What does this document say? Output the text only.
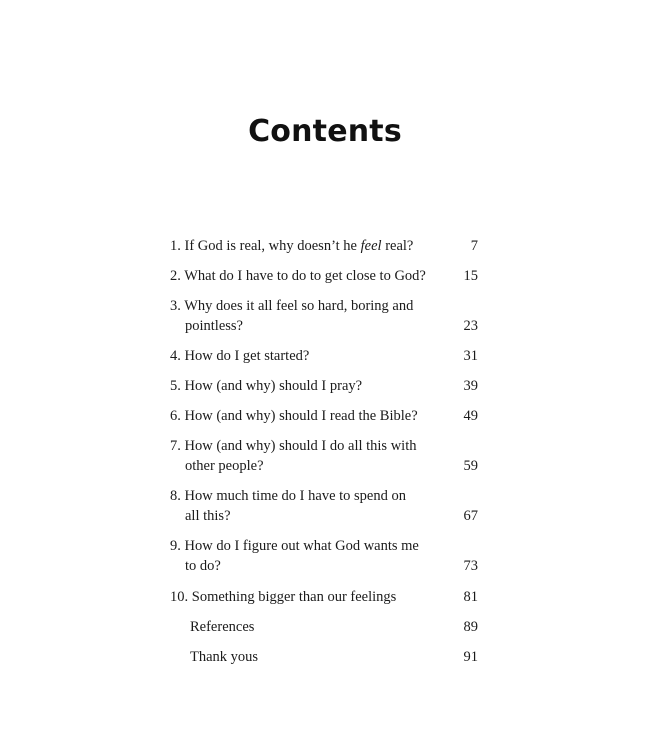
Contents
1. If God is real, why doesn’t he feel real?	7
2. What do I have to do to get close to God?	15
3. Why does it all feel so hard, boring and
pointless?	23
4. How do I get started?	31
5. How (and why) should I pray?	39
6. How (and why) should I read the Bible?	49
7. How (and why) should I do all this with
other people?	59
8. How much time do I have to spend on
all this?	67
9. How do I figure out what God wants me
to do?	73
10. Something bigger than our feelings	81
References	89
Thank yous	91
